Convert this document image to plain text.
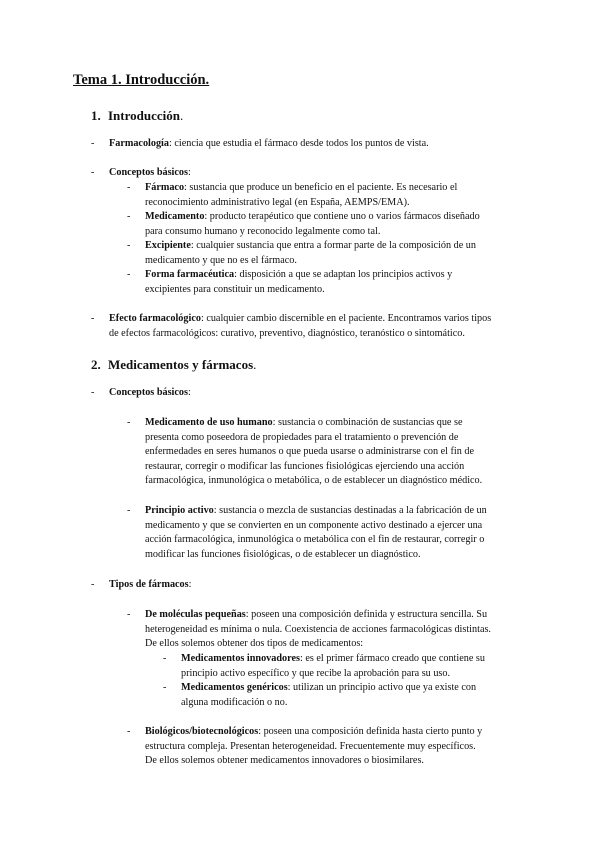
Tema 1. Introducción.
1. Introducción.
- Farmacología: ciencia que estudia el fármaco desde todos los puntos de vista.
- Conceptos básicos:
- Fármaco: sustancia que produce un beneficio en el paciente. Es necesario el
reconocimiento administrativo legal (en España, AEMPS/EMA).
- Medicamento: producto terapéutico que contiene uno o varios fármacos diseñado
para consumo humano y reconocido legalmente como tal.
- Excipiente: cualquier sustancia que entra a formar parte de la composición de un
medicamento y que no es el fármaco.
- Forma farmacéutica: disposición a que se adaptan los principios activos y
excipientes para constituir un medicamento.
- Efecto farmacológico: cualquier cambio discernible en el paciente. Encontramos varios tipos
de efectos farmacológicos: curativo, preventivo, diagnóstico, teranóstico o sintomático.
2. Medicamentos y fármacos.
- Conceptos básicos:
- Medicamento de uso humano: sustancia o combinación de sustancias que se
presenta como poseedora de propiedades para el tratamiento o prevención de
enfermedades en seres humanos o que pueda usarse o administrarse con el fin de
restaurar, corregir o modificar las funciones fisiológicas ejerciendo una acción
farmacológica, inmunológica o metabólica, o de establecer un diagnóstico médico.
- Principio activo: sustancia o mezcla de sustancias destinadas a la fabricación de un
medicamento y que se convierten en un componente activo destinado a ejercer una
acción farmacológica, inmunológica o metabólica con el fin de restaurar, corregir o
modificar las funciones fisiológicas, o de establecer un diagnóstico.
- Tipos de fármacos:
- De moléculas pequeñas: poseen una composición definida y estructura sencilla. Su
heterogeneidad es mínima o nula. Coexistencia de acciones farmacológicas distintas.
De ellos solemos obtener dos tipos de medicamentos:
- Medicamentos innovadores: es el primer fármaco creado que contiene su
principio activo específico y que recibe la aprobación para su uso.
- Medicamentos genéricos: utilizan un principio activo que ya existe con
alguna modificación o no.
- Biológicos/biotecnológicos: poseen una composición definida hasta cierto punto y
estructura compleja. Presentan heterogeneidad. Frecuentemente muy específicos.
De ellos solemos obtener medicamentos innovadores o biosimilares.
